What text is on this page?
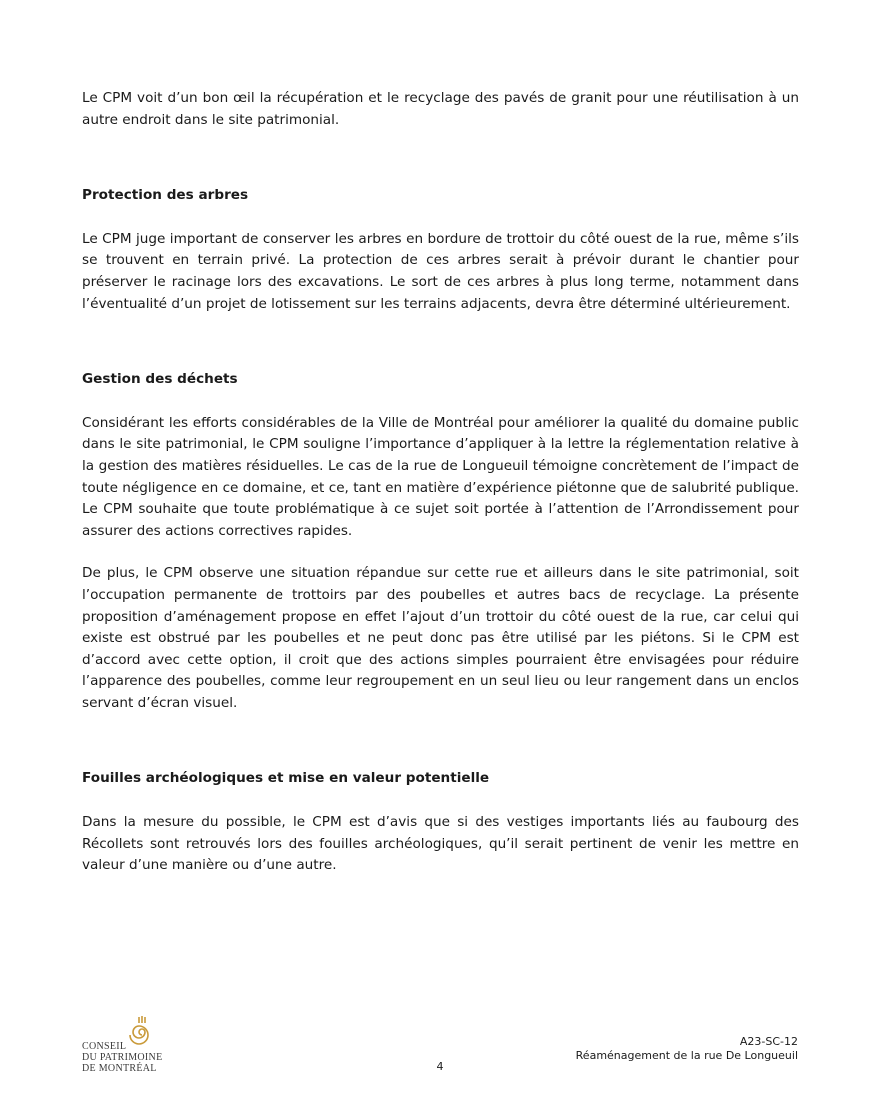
Le CPM voit d’un bon œil la récupération et le recyclage des pavés de granit pour une réutilisation à un autre endroit dans le site patrimonial.

Protection des arbres

Le CPM juge important de conserver les arbres en bordure de trottoir du côté ouest de la rue, même s’ils se trouvent en terrain privé. La protection de ces arbres serait à prévoir durant le chantier pour préserver le racinage lors des excavations. Le sort de ces arbres à plus long terme, notamment dans l’éventualité d’un projet de lotissement sur les terrains adjacents, devra être déterminé ultérieurement.

Gestion des déchets

Considérant les efforts considérables de la Ville de Montréal pour améliorer la qualité du domaine public dans le site patrimonial, le CPM souligne l’importance d’appliquer à la lettre la réglementation relative à la gestion des matières résiduelles. Le cas de la rue de Longueuil témoigne concrètement de l’impact de toute négligence en ce domaine, et ce, tant en matière d’expérience piétonne que de salubrité publique. Le CPM souhaite que toute problématique à ce sujet soit portée à l’attention de l’Arrondissement pour assurer des actions correctives rapides.

De plus, le CPM observe une situation répandue sur cette rue et ailleurs dans le site patrimonial, soit l’occupation permanente de trottoirs par des poubelles et autres bacs de recyclage. La présente proposition d’aménagement propose en effet l’ajout d’un trottoir du côté ouest de la rue, car celui qui existe est obstrué par les poubelles et ne peut donc pas être utilisé par les piétons. Si le CPM est d’accord avec cette option, il croit que des actions simples pourraient être envisagées pour réduire l’apparence des poubelles, comme leur regroupement en un seul lieu ou leur rangement dans un enclos servant d’écran visuel.

Fouilles archéologiques et mise en valeur potentielle

Dans la mesure du possible, le CPM est d’avis que si des vestiges importants liés au faubourg des Récollets sont retrouvés lors des fouilles archéologiques, qu’il serait pertinent de venir les mettre en valeur d’une manière ou d’une autre.

CONSEIL
DU PATRIMOINE
DE MONTRÉAL	4
A23-SC-12
Réaménagement de la rue De Longueuil
